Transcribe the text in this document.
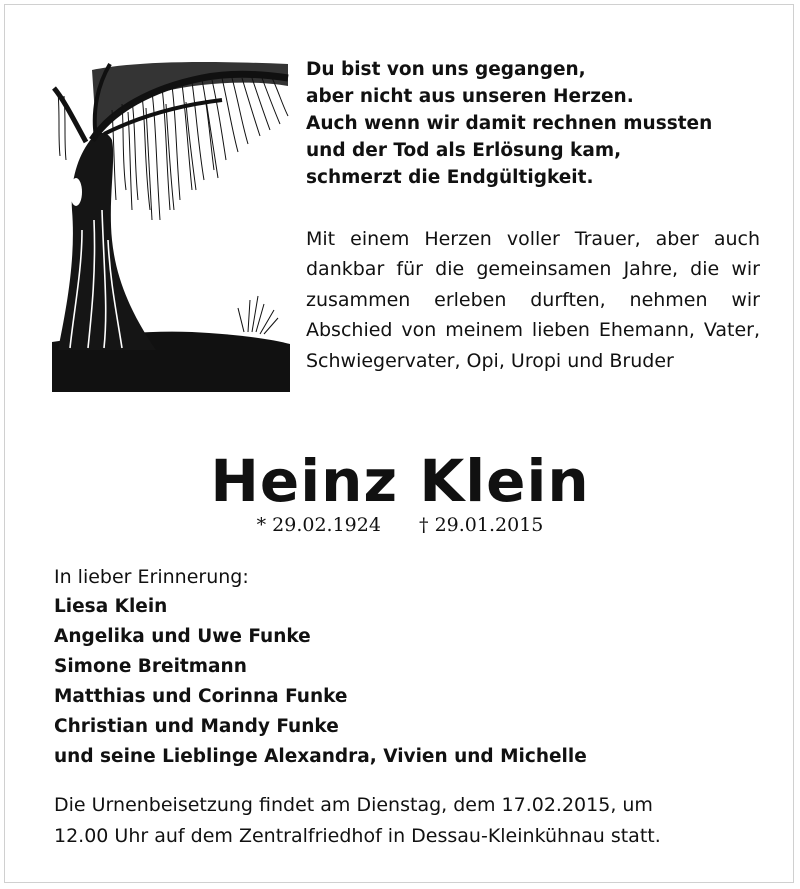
Du bist von uns gegangen,
aber nicht aus unseren Herzen.
Auch wenn wir damit rechnen mussten
und der Tod als Erlösung kam,
schmerzt die Endgültigkeit.
Mit einem Herzen voller Trauer, aber auch dankbar für die gemeinsamen Jahre, die wir zusammen erleben durften, nehmen wir Abschied von meinem lieben Ehemann, Vater, Schwiegervater, Opi, Uropi und Bruder
Heinz Klein
* 29.02.1924 † 29.01.2015
In lieber Erinnerung:
Liesa Klein
Angelika und Uwe Funke
Simone Breitmann
Matthias und Corinna Funke
Christian und Mandy Funke
und seine Lieblinge Alexandra, Vivien und Michelle
Die Urnenbeisetzung findet am Dienstag, dem 17.02.2015, um
12.00 Uhr auf dem Zentralfriedhof in Dessau-Kleinkühnau statt.
